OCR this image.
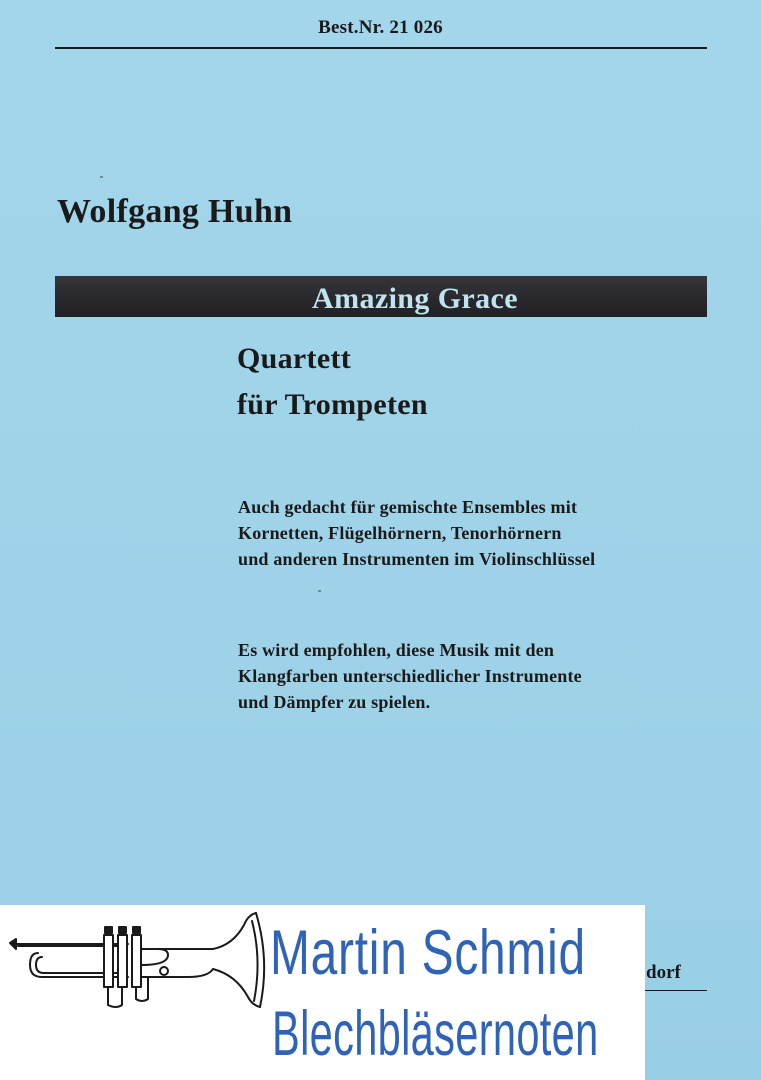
Best.Nr. 21 026
Wolfgang Huhn
Amazing Grace
Quartett
für Trompeten
Auch gedacht für gemischte Ensembles mit
Kornetten, Flügelhörnern, Tenorhörnern
und anderen Instrumenten im Violinschlüssel
Es wird empfohlen, diese Musik mit den
Klangfarben unterschiedlicher Instrumente
und Dämpfer zu spielen.
dorf
Martin Schmid
Blechbläsernoten
